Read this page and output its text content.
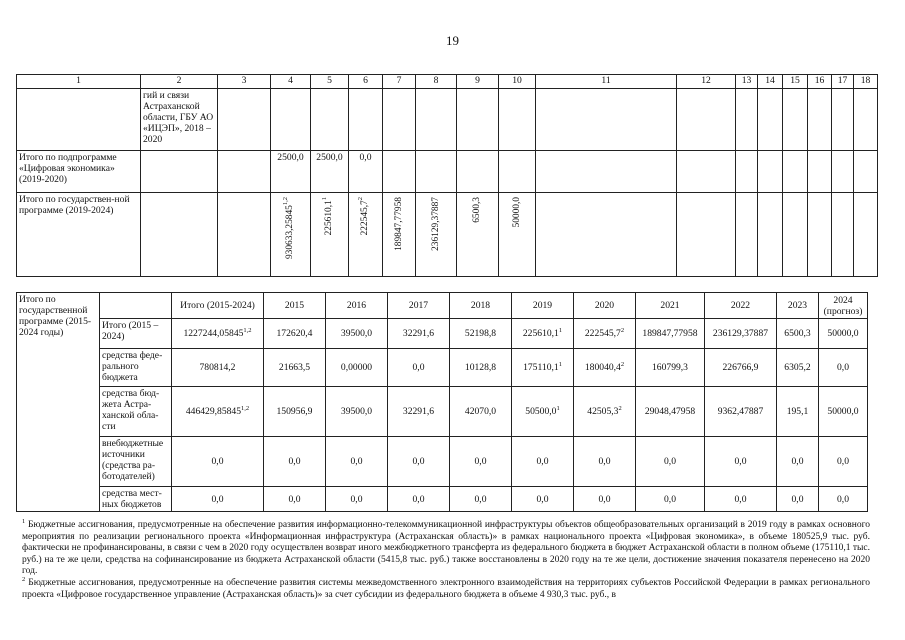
19
1	2	3	4	5	6	7	8	9	10	11	12	13	14	15	16	17	18	
	гий и связи Астраханской области, ГБУ АО «ИЦЭП», 2018 – 2020																	
Итого по подпрограмме «Цифровая экономика» (2019-2020)			2500,0	2500,0	0,0													
Итого по государствен-ной программе (2019-2024)			930633,25845$^{1,2}$	225610,1$^1$	222545,7$^2$	189847,77958	236129,37887	6500,3	50000,0									
Итого по государственной программе (2015-2024 годы)		Итого (2015-2024)	2015	2016	2017	2018	2019	2020	2021	2022	2023	2024
(прогноз)
	Итого (2015 – 2024)	1227244,05845$^{1,2}$	172620,4	39500,0	32291,6	52198,8	225610,1$^1$	222545,7$^2$	189847,77958	236129,37887	6500,3	50000,0
	средства феде-рального бюджета	780814,2	21663,5	0,00000	0,0	10128,8	175110,1$^1$	180040,4$^2$	160799,3	226766,9	6305,2	0,0
	средства бюд-жета Астра-ханской обла-сти	446429,85845$^{1,2}$	150956,9	39500,0	32291,6	42070,0	50500,0$^1$	42505,3$^2$	29048,47958	9362,47887	195,1	50000,0
	внебюджетные источники (средства ра-ботодателей)	0,0	0,0	0,0	0,0	0,0	0,0	0,0	0,0	0,0	0,0	0,0
	средства мест-ных бюджетов	0,0	0,0	0,0	0,0	0,0	0,0	0,0	0,0	0,0	0,0	0,0

$^1$ Бюджетные ассигнования, предусмотренные на обеспечение развития информационно-телекоммуникационной инфраструктуры объектов общеобразовательных организаций в 2019 году в рамках основного мероприятия по реализации регионального проекта «Информационная инфраструктура (Астраханская область)» в рамках национального проекта «Цифровая экономика», в объеме 180525,9 тыс. руб. фактически не профинансированы, в связи с чем в 2020 году осуществлен возврат иного межбюджетного трансферта из федерального бюджета в бюджет Астраханской области в полном объеме (175110,1 тыс. руб.) на те же цели, средства на софинансирование из бюджета Астраханской области (5415,8 тыс. руб.) также восстановлены в 2020 году на те же цели, достижение значения показателя перенесено на 2020 год.

$^2$ Бюджетные ассигнования, предусмотренные на обеспечение развития системы межведомственного электронного взаимодействия на территориях субъектов Российской Федерации в рамках регионального проекта «Цифровое государственное управление (Астраханская область)» за счет субсидии из федерального бюджета в объеме 4 930,3 тыс. руб., в
